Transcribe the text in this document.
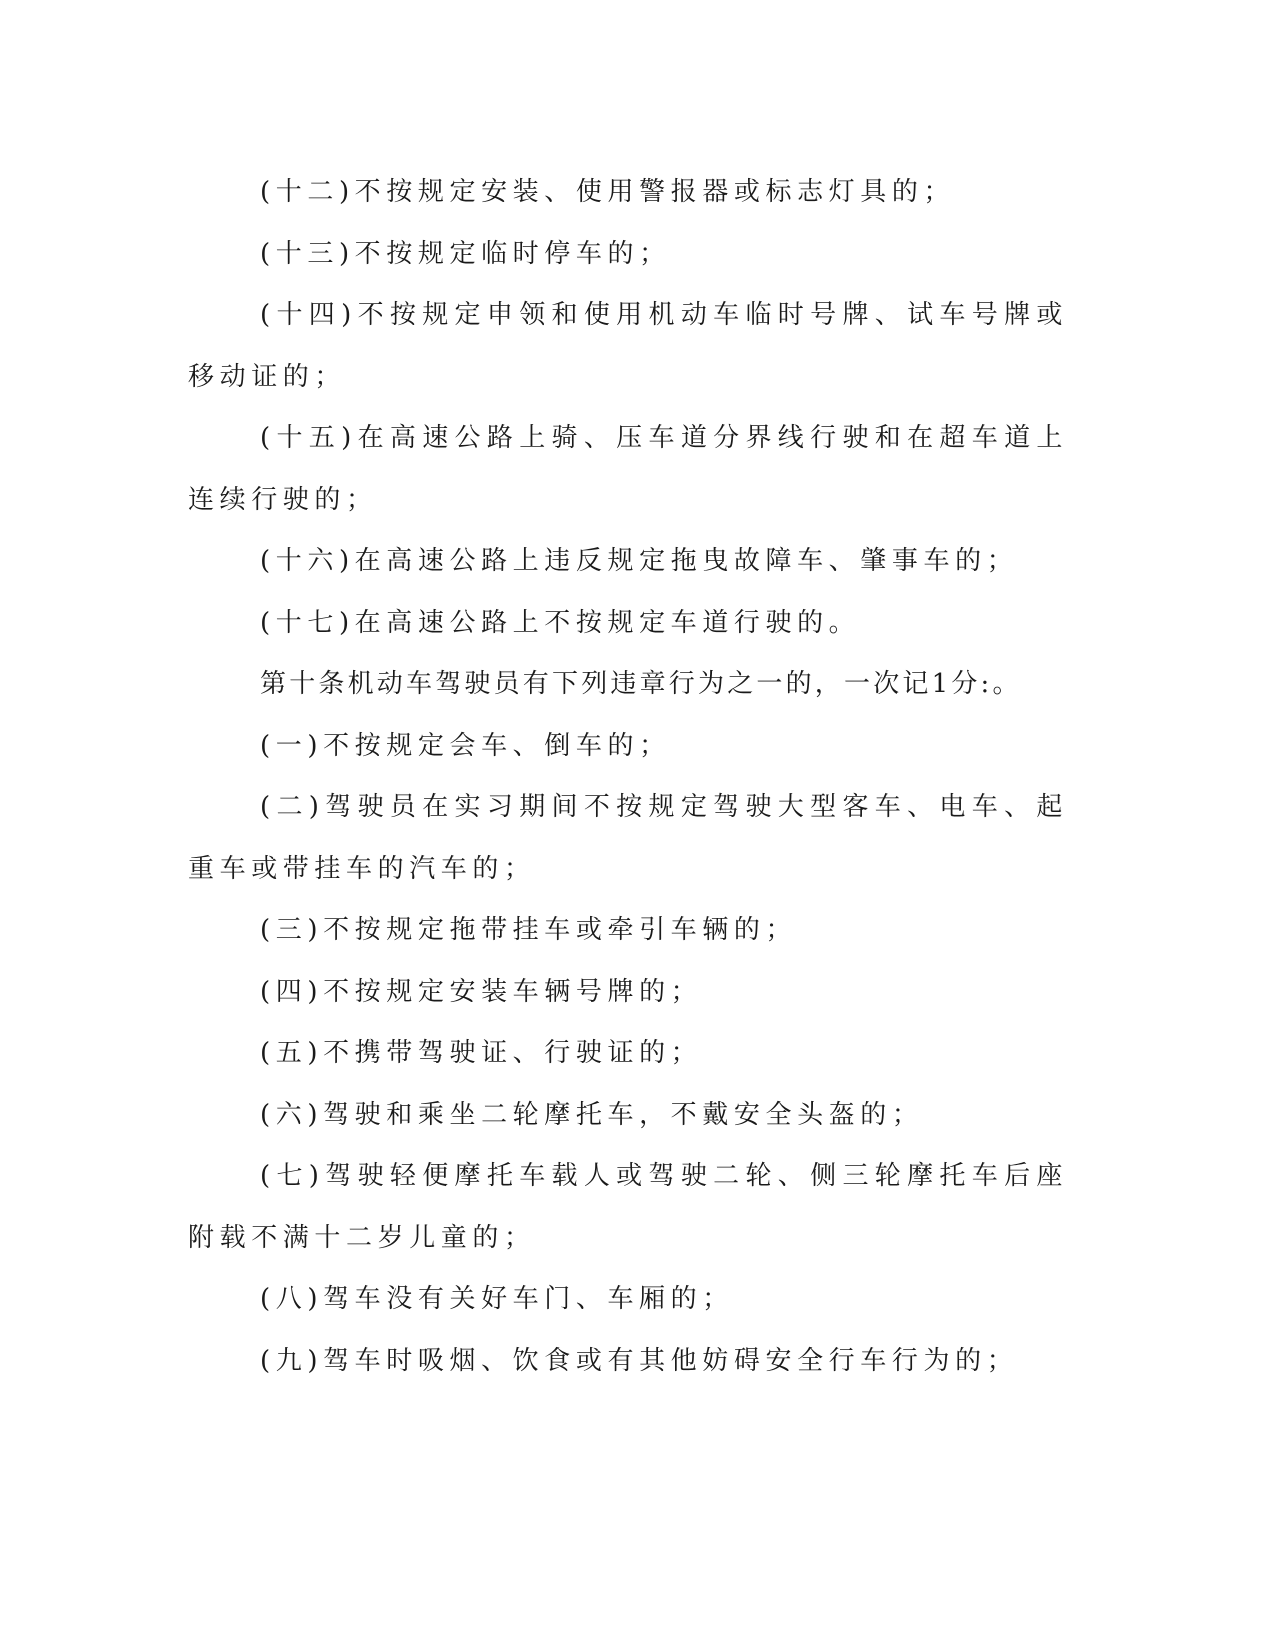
(十二)不按规定安装、使用警报器或标志灯具的；

(十三)不按规定临时停车的；

(十四)不按规定申领和使用机动车临时号牌、试车号牌或移动证的；

(十五)在高速公路上骑、压车道分界线行驶和在超车道上连续行驶的；

(十六)在高速公路上违反规定拖曳故障车、肇事车的；

(十七)在高速公路上不按规定车道行驶的。

第十条机动车驾驶员有下列违章行为之一的，一次记1分:。

(一)不按规定会车、倒车的；

(二)驾驶员在实习期间不按规定驾驶大型客车、电车、起重车或带挂车的汽车的；

(三)不按规定拖带挂车或牵引车辆的；

(四)不按规定安装车辆号牌的；

(五)不携带驾驶证、行驶证的；

(六)驾驶和乘坐二轮摩托车，不戴安全头盔的；

(七)驾驶轻便摩托车载人或驾驶二轮、侧三轮摩托车后座附载不满十二岁儿童的；

(八)驾车没有关好车门、车厢的；

(九)驾车时吸烟、饮食或有其他妨碍安全行车行为的；
